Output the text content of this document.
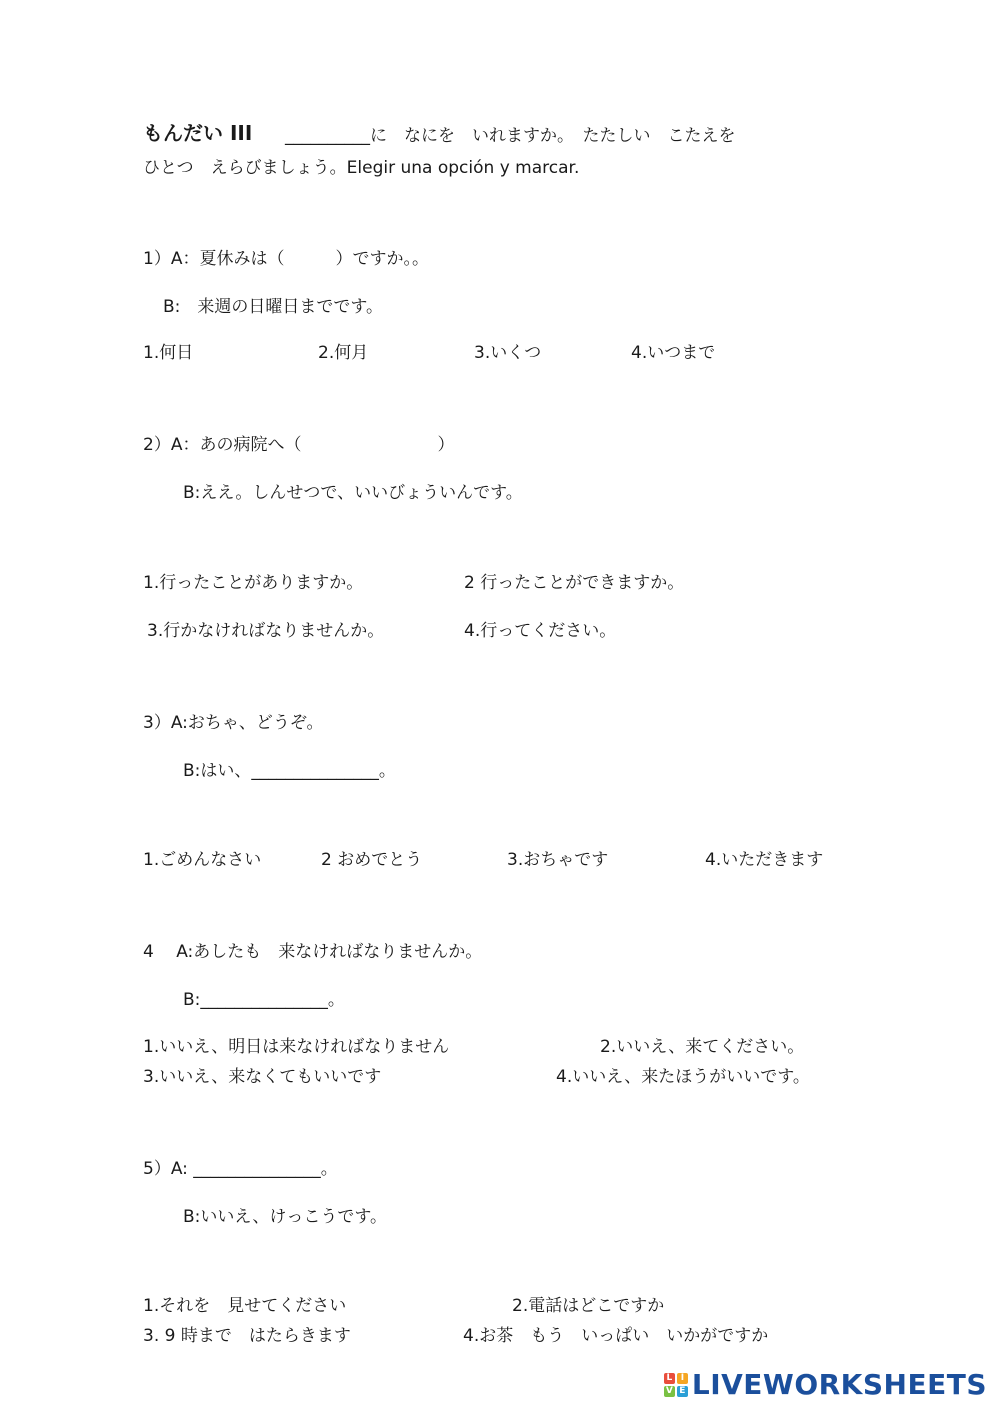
もんだい III __________に　なにを　いれますか。　たたしい　こたえを
ひとつ　えらびましょう。Elegir una opción y marcar.
1）A：夏休みは（　　　）ですか。。
B:　来週の日曜日までです。
1.何日	2.何月	3.いくつ	4.いつまで
2）A：あの病院へ（　　　　　　　　）
B:ええ。しんせつで、いいびょういんです。
1.行ったことがありますか。	2 行ったことができますか。
3.行かなければなりませんか。	4.行ってください。
3）A:おちゃ、どうぞ。
B:はい、_______________。
1.ごめんなさい	2 おめでとう	3.おちゃです	4.いただきます
4　 A:あしたも　来なければなりませんか。
B:_______________。
1.いいえ、明日は来なければなりません	2.いいえ、来てください。
3.いいえ、来なくてもいいです	4.いいえ、来たほうがいいです。
5）A: _______________。
B:いいえ、けっこうです。
1.それを　見せてください	2.電話はどこですか
3. 9 時まで　はたらきます	4.お茶　もう　いっぱい　いかがですか
L I
V E LIVEWORKSHEETS
